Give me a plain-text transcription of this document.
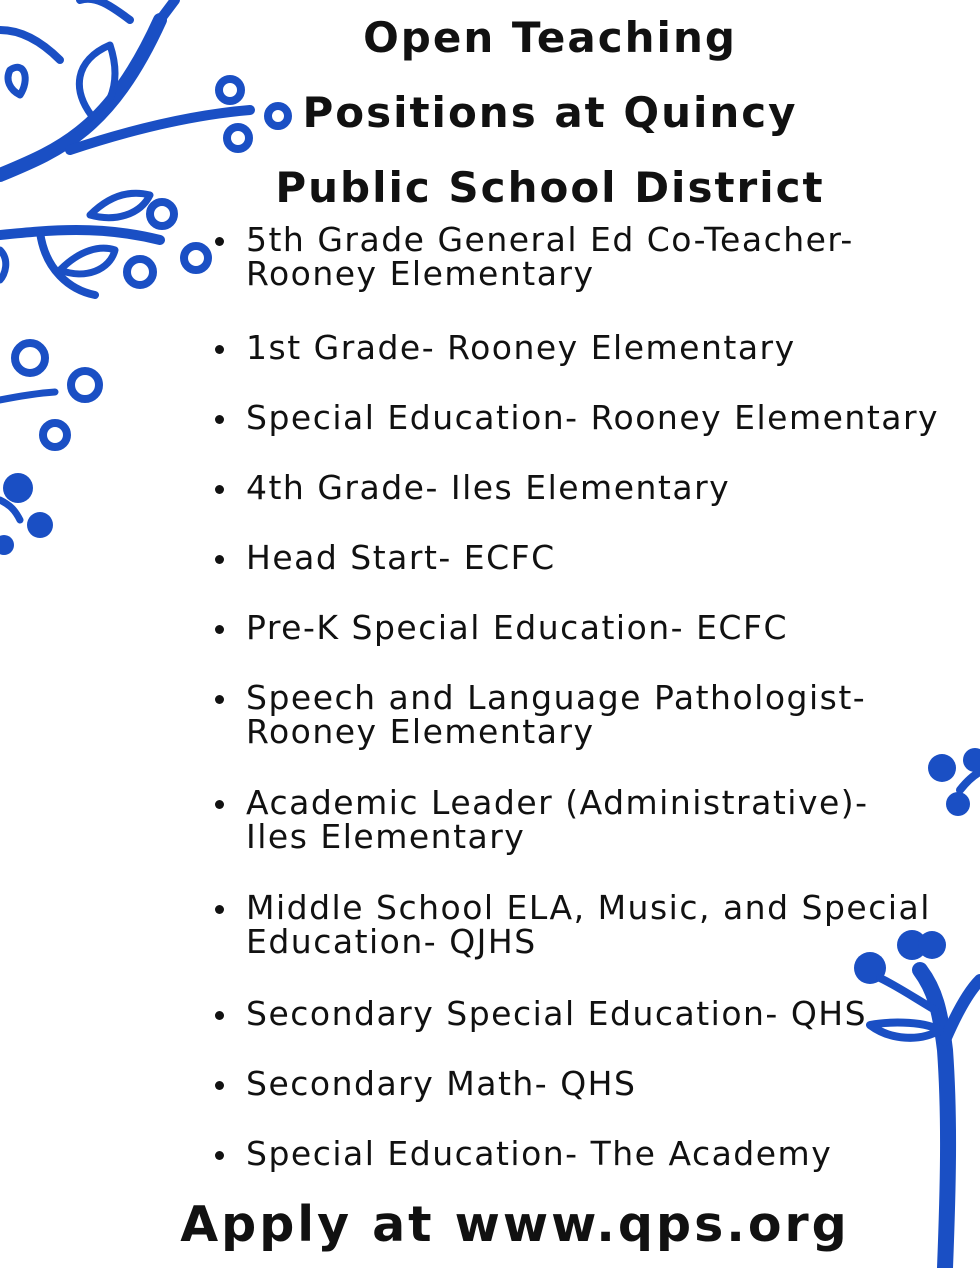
Open Teaching
Positions at Quincy
Public School District
5th Grade General Ed Co-Teacher-
Rooney Elementary
1st Grade- Rooney Elementary
Special Education- Rooney Elementary
4th Grade- Iles Elementary
Head Start- ECFC
Pre-K Special Education- ECFC
Speech and Language Pathologist-
Rooney Elementary
Academic Leader (Administrative)-
Iles Elementary
Middle School ELA, Music, and Special
Education- QJHS
Secondary Special Education- QHS
Secondary Math- QHS
Special Education- The Academy

Apply at www.qps.org
